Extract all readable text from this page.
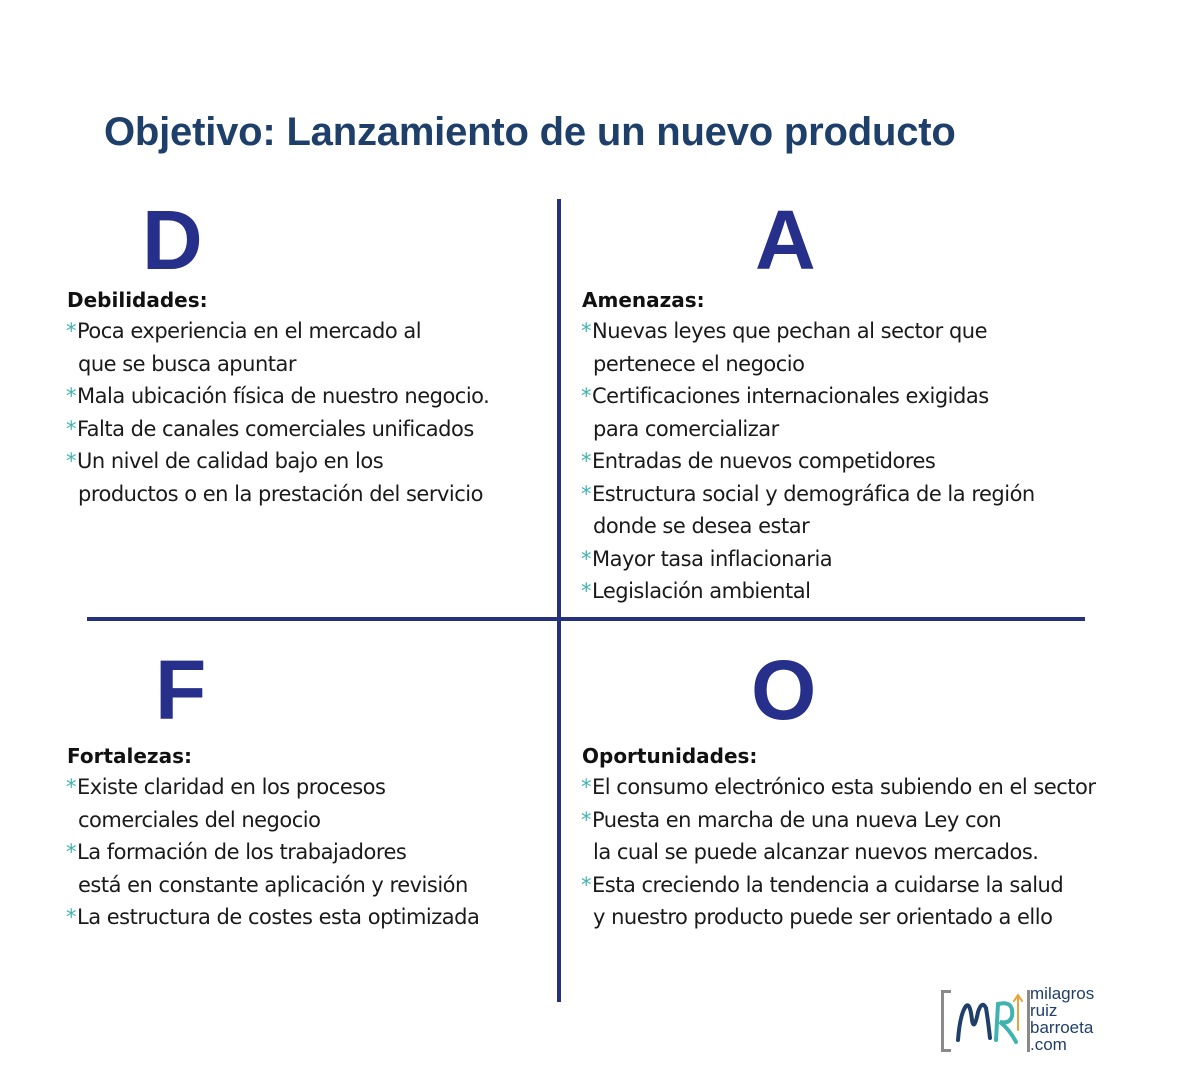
Objetivo: Lanzamiento de un nuevo producto
D
Debilidades:
*Poca experiencia en el mercado al
que se busca apuntar
*Mala ubicación física de nuestro negocio.
*Falta de canales comerciales unificados
*Un nivel de calidad bajo en los
productos o en la prestación del servicio
A
Amenazas:
*Nuevas leyes que pechan al sector que
pertenece el negocio
*Certificaciones internacionales exigidas
para comercializar
*Entradas de nuevos competidores
*Estructura social y demográfica de la región
donde se desea estar
*Mayor tasa inflacionaria
*Legislación ambiental
F
Fortalezas:
*Existe claridad en los procesos
comerciales del negocio
*La formación de los trabajadores
está en constante aplicación y revisión
*La estructura de costes esta optimizada
O
Oportunidades:
*El consumo electrónico esta subiendo en el sector
*Puesta en marcha de una nueva Ley con
la cual se puede alcanzar nuevos mercados.
*Esta creciendo la tendencia a cuidarse la salud
y nuestro producto puede ser orientado a ello
milagros
ruiz
barroeta
.com
